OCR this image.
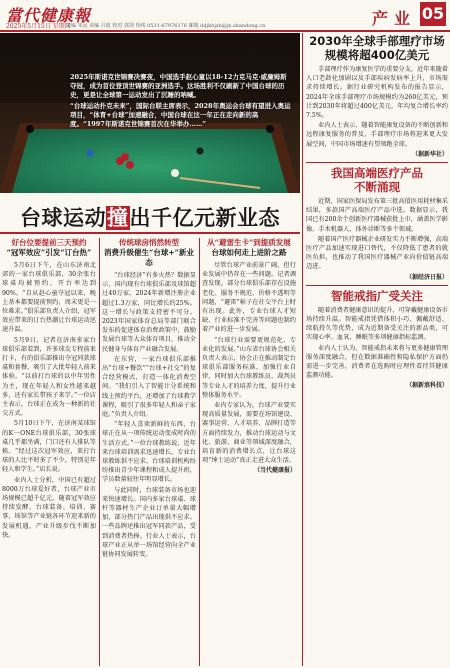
當代健康報
2025年5月15日 星期四
责编 朱运 美编 吕波 校对 郭剑 热线 0531-67976176 邮箱 ddjkbjzb@jn.shandong.cn	产业 05
2025年斯诺克世锦赛决赛夜，中国选手赵心童以18-12力克马克·威廉姆斯夺冠，成为首位登顶世锦赛的亚洲选手。这场胜利不仅刷新了中国台球的历史，更是让全球第一运动发出了沉睡的呐喊。
“台球运动扑克未来”，国际台联主席表示，2028年奥运会台球有望进入奥运项目，“体育+台球”加速融合，中国台球在这一年正在走向新的高度。“1997年斯诺克世锦赛首次在华举办……”
台球运动撞出千亿元新业态
好台位要提前三天预约
“冠军效应”引发“订台热”

5月6日下午，在山东济南北郊的一家台球俱乐部，30余张台球桌均被预约，开台率达到90%。“自从赵心童夺冠以来，晚上基本都要提前预约，周末更是一位难求。”俱乐部负责人介绍，冠军效应带来的订台热潮让台球运动迅速升温。

5月9日，记者在济南多家台球俱乐部看到，许多球友专程前来打卡，有的俱乐部推出夺冠同款球桌和套餐，吸引了大批年轻人前来体验。“以前打台球的以中年男性为主，现在年轻人和女性越来越多，还有家长带孩子来学。”一位店主表示，台球正在成为一种新的社交方式。

5月10日下午，在济南某球馆的K一ONE台球俱乐部，30张球桌几乎都坐满，门口还有人排队等候。“经过这次冠军效应，来打台球的人比平时多了不少，特别是年轻人和学生。”店长说。

业内人士分析，中国已有超过8000万台球爱好者，台球产业市场规模已超千亿元。随着冠军效应持续发酵，台球装备、培训、赛事、场馆等产业链各环节迎来新的发展机遇，产业升级步伐不断加快。

传统球房悄然转型
消费升级催生“台球+”新业态

“台球经济”有多火热？数据显示，国内现有台球俱乐部及球馆超过40万家，2024年新增注册企业超过1.3万家，同比增长约25%。这一增长与政策支持密不可分。2023年国家体育总局等部门联合发布的促进体育消费政策中，鼓励发展台球等大众体育项目，推动全民健身与体育产业融合发展。

在东营，一家台球俱乐部推出“台球+餐饮”“台球+社交”的复合经营模式，打造一体化消费空间。“我们引入了智能计分系统和线上预约平台，还增加了台球教学课程，吸引了很多年轻人和亲子家庭。”负责人介绍。

“年轻人喜欢新鲜的东西，台球正在从一项传统运动变成时尚的生活方式。”一位台球教练说，近年来台球培训需求迅速增长，专业台球教练供不应求。台球培训机构纷纷推出青少年课程和成人提升班，学员数量较往年明显增长。

与此同时，台球装备市场也迎来快速增长。国内多家台球桌、球杆等器材生产企业订单量大幅增加，部分热门产品出现供不应求。一些品牌还推出冠军同款产品，受到消费者热捧。行业人士表示，台球产业正从单一场馆经营向全产业链协同发展转变。

从“避雷生卡”到提质发展
台球如何走上进阶之路

尽管台球产业前景广阔，但行业发展中仍存在一些问题。记者调查发现，部分台球俱乐部存在设施老化、服务不规范、价格不透明等问题，“避雷”帖子在社交平台上时有出现。此外，专业台球人才短缺、行业标准不完善等问题也制约着产业的进一步发展。

“台球行业需要更规范化、专业化的发展。”山东省台球协会相关负责人表示，协会正在推动制定台球俱乐部服务标准，加强行业自律，同时加大台球教练员、裁判员等专业人才的培养力度，提升行业整体服务水平。

业内专家认为，台球产业要实现高质量发展，需要在场馆建设、赛事运营、人才培养、品牌打造等方面持续发力，推动台球运动与文化、旅游、商业等领域深度融合，培育新的消费增长点，让台球这项“绅士运动”真正走进大众生活。

（当代健康报）
2030年全球手部理疗市场
规模将超400亿美元

手部理疗作为康复医学的重要分支，近年来随着人口老龄化加剧以及手部疾病发病率上升，市场需求持续增长。据行业研究机构发布的报告显示，2024年全球手部理疗市场规模约为260亿美元，预计到2030年将超过400亿美元，年均复合增长率约7.5%。

业内人士表示，随着智能康复设备的不断创新和远程康复服务的普及，手部理疗市场将迎来更大发展空间，中国市场增速有望领跑全球。

（据新华社）
我国高端医疗产品
不断涌现

近期，国家医保局发布第三批高值医用耗材集采结果，多款国产高端医疗产品中选。数据显示，我国已有200余个创新医疗器械获批上市，涵盖医学影像、手术机器人、体外诊断等多个领域。

随着国产医疗器械企业研发实力不断增强，高端医疗产品加速实现进口替代，不仅降低了患者的就医负担，也推动了我国医疗器械产业向价值链高端迈进。

（据经济日报）
智能戒指广受关注

随着消费者健康意识的提升，可穿戴健康设备市场持续升温。智能戒指凭借体积小巧、佩戴舒适、续航持久等优势，成为近期备受关注的新品类，可实现心率、血氧、睡眠等多项健康指标监测。

业内人士认为，智能戒指未来将与更多健康管理服务深度融合，但在数据准确性和隐私保护方面仍需进一步完善，消费者在选购时应理性看待其健康监测功能。

（据新浪科技）
